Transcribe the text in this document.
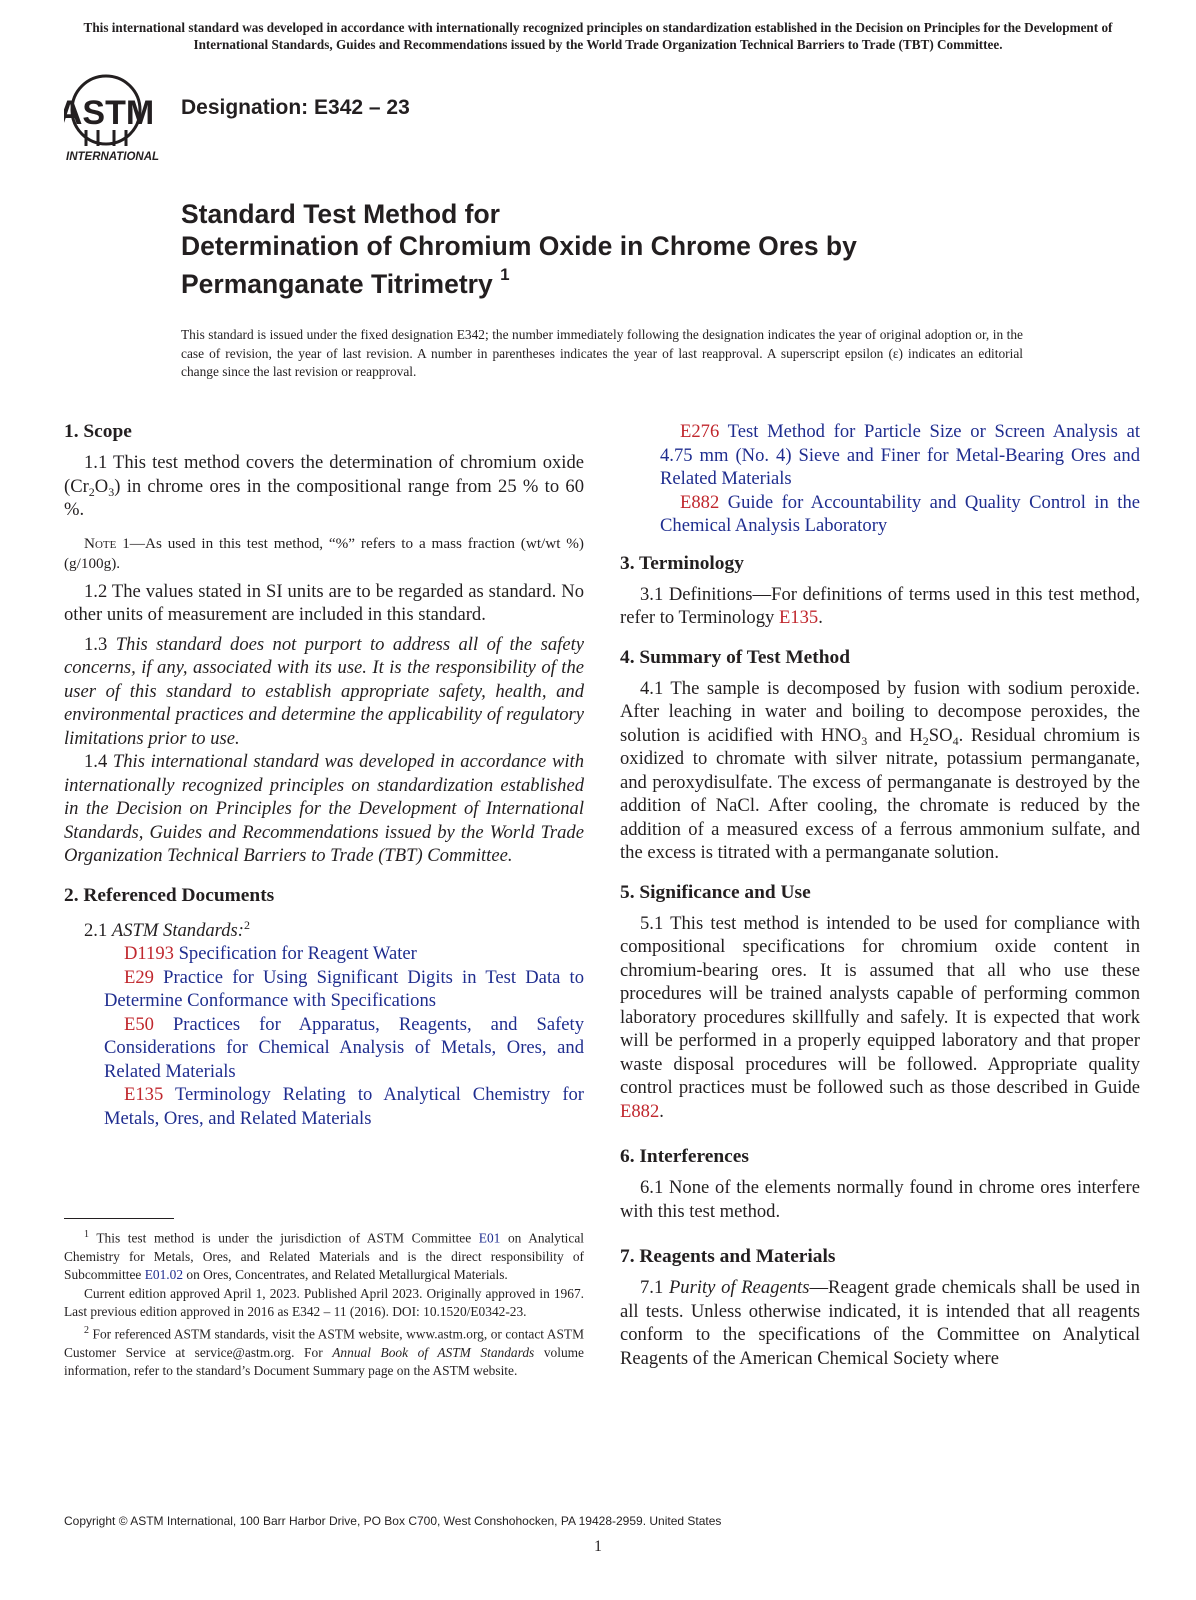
This international standard was developed in accordance with internationally recognized principles on standardization established in the Decision on Principles for the Development of International Standards, Guides and Recommendations issued by the World Trade Organization Technical Barriers to Trade (TBT) Committee.
ASTM
INTERNATIONAL
Designation: E342 – 23
Standard Test Method for
Determination of Chromium Oxide in Chrome Ores by
Permanganate Titrimetry $^1$
This standard is issued under the fixed designation E342; the number immediately following the designation indicates the year of original adoption or, in the case of revision, the year of last revision. A number in parentheses indicates the year of last reapproval. A superscript epsilon (ε) indicates an editorial change since the last revision or reapproval.
1. Scope

1.1 This test method covers the determination of chromium oxide $(Cr_2O_3)$ in chrome ores in the compositional range from 25 % to 60 %.

Note 1—As used in this test method, “%” refers to a mass fraction (wt/wt %) (g/100g).

1.2 The values stated in SI units are to be regarded as standard. No other units of measurement are included in this standard.

1.3 This standard does not purport to address all of the safety concerns, if any, associated with its use. It is the responsibility of the user of this standard to establish appropriate safety, health, and environmental practices and determine the applicability of regulatory limitations prior to use.

1.4 This international standard was developed in accordance with internationally recognized principles on standardization established in the Decision on Principles for the Development of International Standards, Guides and Recommendations issued by the World Trade Organization Technical Barriers to Trade (TBT) Committee.

2. Referenced Documents

2.1 ASTM Standards:$^2$

D1193 Specification for Reagent Water

E29 Practice for Using Significant Digits in Test Data to Determine Conformance with Specifications

E50 Practices for Apparatus, Reagents, and Safety Considerations for Chemical Analysis of Metals, Ores, and Related Materials

E135 Terminology Relating to Analytical Chemistry for Metals, Ores, and Related Materials

E276 Test Method for Particle Size or Screen Analysis at 4.75 mm (No. 4) Sieve and Finer for Metal-Bearing Ores and Related Materials

E882 Guide for Accountability and Quality Control in the Chemical Analysis Laboratory

3. Terminology

3.1 Definitions—For definitions of terms used in this test method, refer to Terminology E135.

4. Summary of Test Method

4.1 The sample is decomposed by fusion with sodium peroxide. After leaching in water and boiling to decompose peroxides, the solution is acidified with $HNO_3$ and $H_2SO_4$. Residual chromium is oxidized to chromate with silver nitrate, potassium permanganate, and peroxydisulfate. The excess of permanganate is destroyed by the addition of NaCl. After cooling, the chromate is reduced by the addition of a measured excess of a ferrous ammonium sulfate, and the excess is titrated with a permanganate solution.

5. Significance and Use

5.1 This test method is intended to be used for compliance with compositional specifications for chromium oxide content in chromium-bearing ores. It is assumed that all who use these procedures will be trained analysts capable of performing common laboratory procedures skillfully and safely. It is expected that work will be performed in a properly equipped laboratory and that proper waste disposal procedures will be followed. Appropriate quality control practices must be followed such as those described in Guide E882.

6. Interferences

6.1 None of the elements normally found in chrome ores interfere with this test method.

7. Reagents and Materials

7.1 Purity of Reagents—Reagent grade chemicals shall be used in all tests. Unless otherwise indicated, it is intended that all reagents conform to the specifications of the Committee on Analytical Reagents of the American Chemical Society where

$^1$ This test method is under the jurisdiction of ASTM Committee E01 on Analytical Chemistry for Metals, Ores, and Related Materials and is the direct responsibility of Subcommittee E01.02 on Ores, Concentrates, and Related Metallurgical Materials.

Current edition approved April 1, 2023. Published April 2023. Originally approved in 1967. Last previous edition approved in 2016 as E342 – 11 (2016). DOI: 10.1520/E0342-23.

$^2$ For referenced ASTM standards, visit the ASTM website, www.astm.org, or contact ASTM Customer Service at service@astm.org. For Annual Book of ASTM Standards volume information, refer to the standard’s Document Summary page on the ASTM website.

Copyright © ASTM International, 100 Barr Harbor Drive, PO Box C700, West Conshohocken, PA 19428-2959. United States
1
